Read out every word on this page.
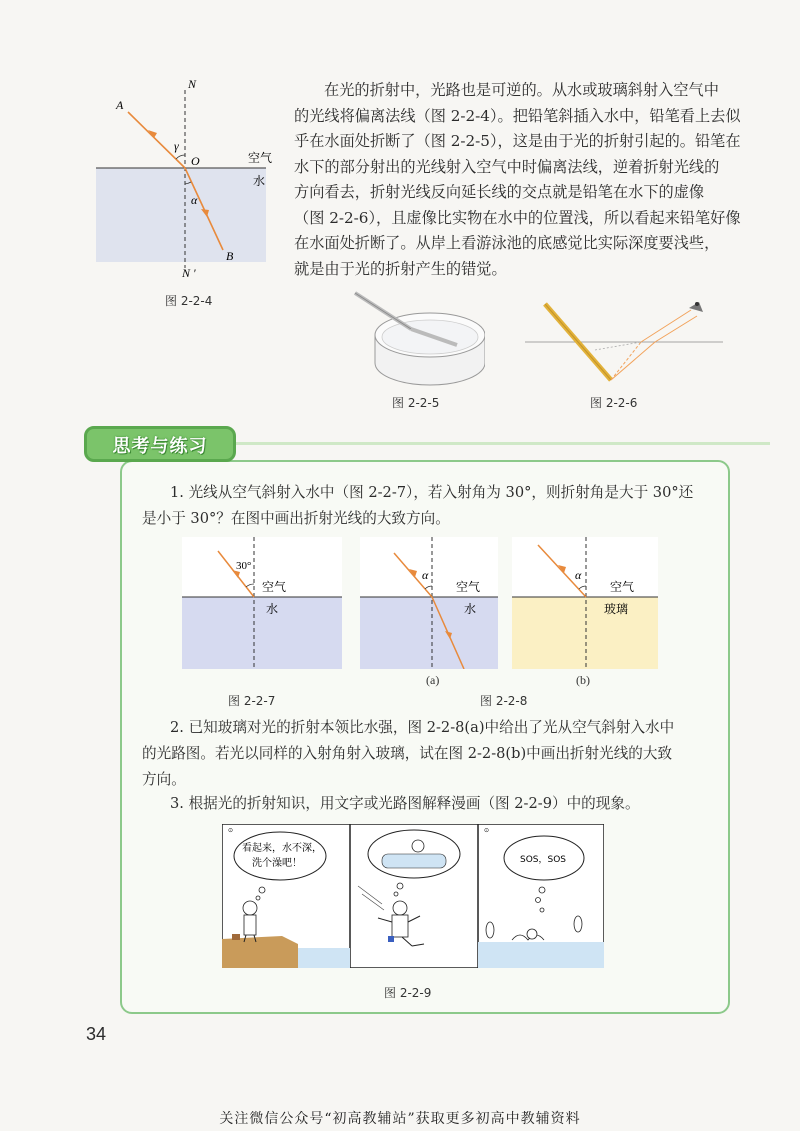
N
N '
A
B
O
γ
α
空气
水
图 2-2-4
在光的折射中，光路也是可逆的。从水或玻璃斜射入空气中
的光线将偏离法线（图 2-2-4）。把铅笔斜插入水中，铅笔看上去似
乎在水面处折断了（图 2-2-5），这是由于光的折射引起的。铅笔在
水下的部分射出的光线射入空气中时偏离法线，逆着折射光线的
方向看去，折射光线反向延长线的交点就是铅笔在水下的虚像
（图 2-2-6），且虚像比实物在水中的位置浅，所以看起来铅笔好像
在水面处折断了。从岸上看游泳池的底感觉比实际深度要浅些，
就是由于光的折射产生的错觉。
图 2-2-5	图 2-2-6
思考与练习
1. 光线从空气斜射入水中（图 2-2-7），若入射角为 30°，则折射角是大于 30°还
是小于 30°？在图中画出折射光线的大致方向。
30°
空气
水
图 2-2-7
α
空气
水
(a)
α
空气
玻璃
(b)
图 2-2-8
2. 已知玻璃对光的折射本领比水强，图 2-2-8(a)中给出了光从空气斜射入水中
的光路图。若光以同样的入射角射入玻璃，试在图 2-2-8(b)中画出折射光线的大致
方向。
3. 根据光的折射知识，用文字或光路图解释漫画（图 2-2-9）中的现象。
⊙
看起来，水不深，
洗个澡吧！
⊙
SOS，SOS
图 2-2-9
34
关注微信公众号“初高教辅站”获取更多初高中教辅资料
